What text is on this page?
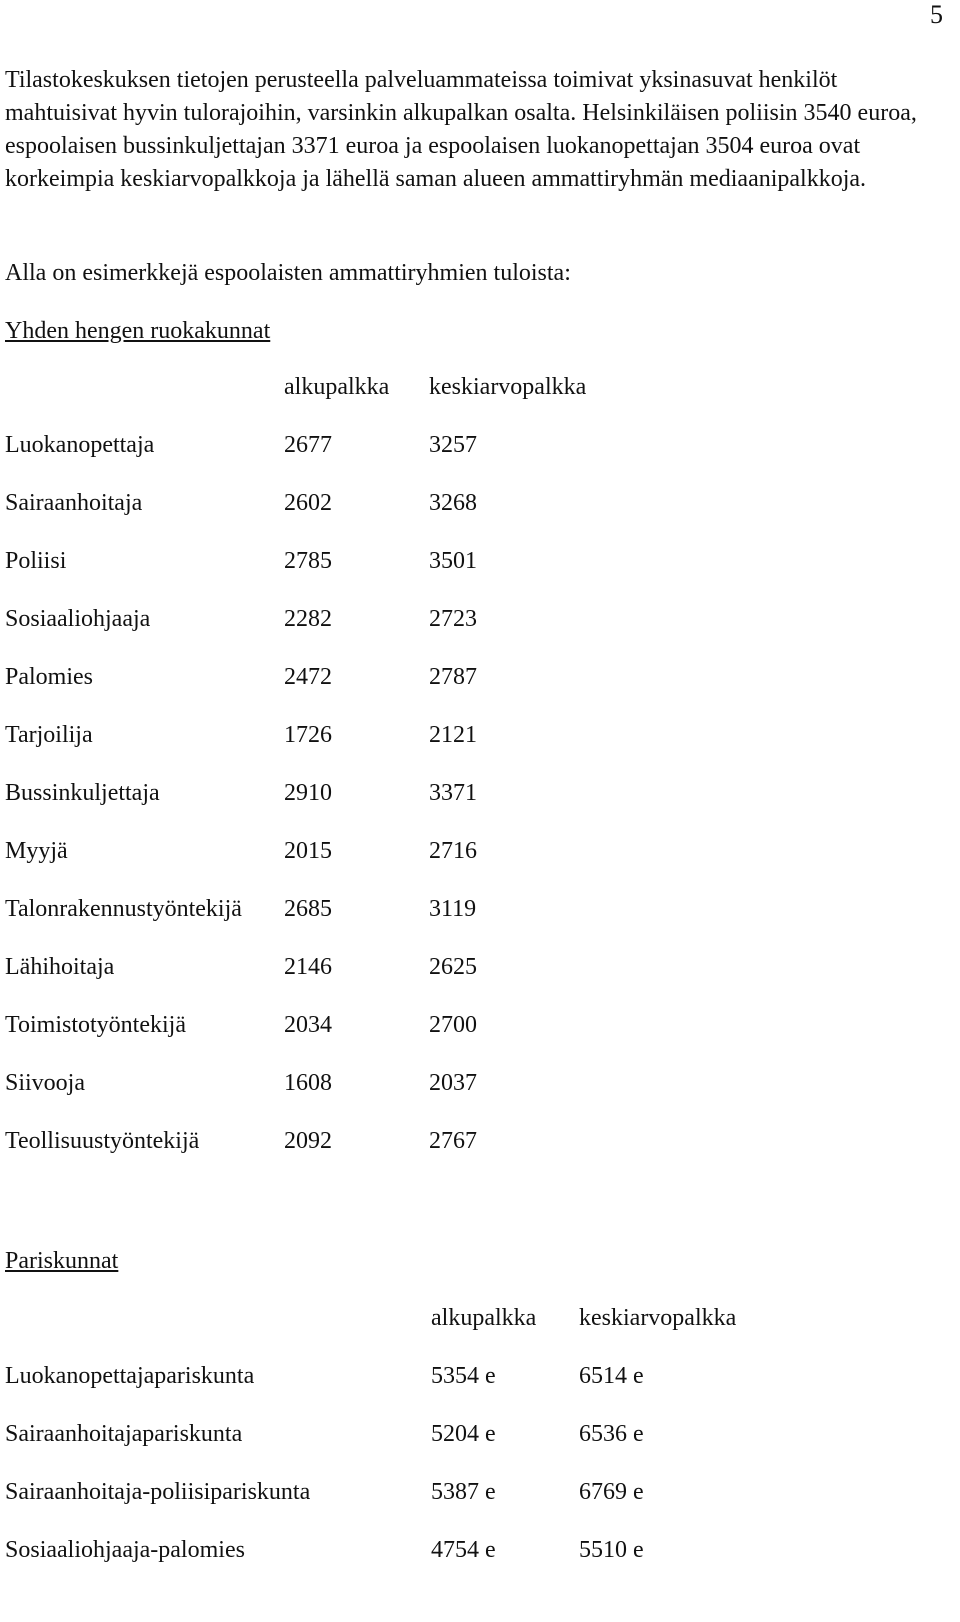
5

Tilastokeskuksen tietojen perusteella palveluammateissa toimivat yksinasuvat henkilöt mahtuisivat hyvin tulorajoihin, varsinkin alkupalkan osalta. Helsinkiläisen poliisin 3540 euroa, espoolaisen bussinkuljettajan 3371 euroa ja espoolaisen luokanopettajan 3504 euroa ovat korkeimpia keskiarvopalkkoja ja lähellä saman alueen ammattiryhmän mediaanipalkkoja.

Alla on esimerkkejä espoolaisten ammattiryhmien tuloista:

Yhden hengen ruokakunnat
alkupalkka keskiarvopalkka
Luokanopettaja	2677	3257
Sairaanhoitaja	2602	3268
Poliisi	2785	3501
Sosiaaliohjaaja	2282	2723
Palomies	2472	2787
Tarjoilija	1726	2121
Bussinkuljettaja	2910	3371
Myyjä	2015	2716
Talonrakennustyöntekijä 2685	3119
Lähihoitaja	2146	2625
Toimistotyöntekijä	2034	2700
Siivooja	1608	2037
Teollisuustyöntekijä	2092	2767
Pariskunnat
alkupalkka keskiarvopalkka
Luokanopettajapariskunta	5354 e	6514 e
Sairaanhoitajapariskunta	5204 e	6536 e
Sairaanhoitaja-poliisipariskunta	5387 e	6769 e
Sosiaaliohjaaja-palomies	4754 e	5510 e
